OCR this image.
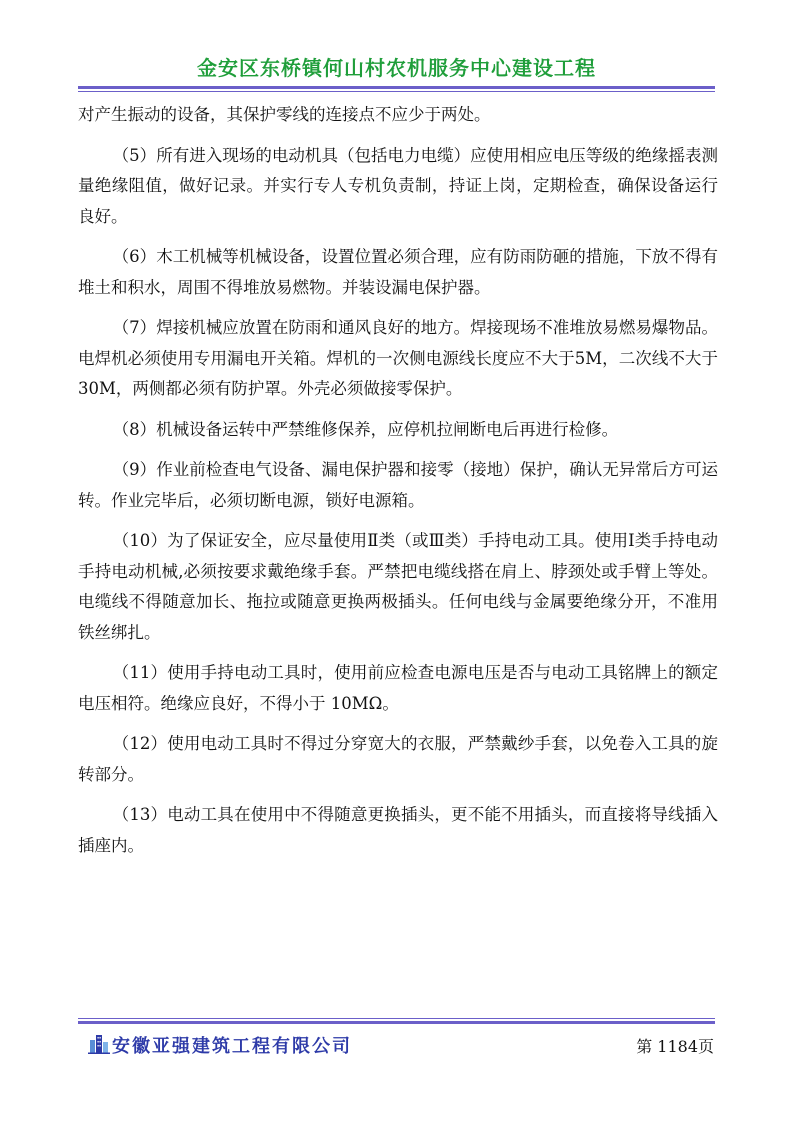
金安区东桥镇何山村农机服务中心建设工程

对产生振动的设备，其保护零线的连接点不应少于两处。

（5）所有进入现场的电动机具（包括电力电缆）应使用相应电压等级的绝缘摇表测量绝缘阻值，做好记录。并实行专人专机负责制，持证上岗，定期检查，确保设备运行良好。

（6）木工机械等机械设备，设置位置必须合理，应有防雨防砸的措施，下放不得有堆土和积水，周围不得堆放易燃物。并装设漏电保护器。

（7）焊接机械应放置在防雨和通风良好的地方。焊接现场不准堆放易燃易爆物品。电焊机必须使用专用漏电开关箱。焊机的一次侧电源线长度应不大于5M，二次线不大于 30M，两侧都必须有防护罩。外壳必须做接零保护。

（8）机械设备运转中严禁维修保养，应停机拉闸断电后再进行检修。

（9）作业前检查电气设备、漏电保护器和接零（接地）保护，确认无异常后方可运转。作业完毕后，必须切断电源，锁好电源箱。

（10）为了保证安全，应尽量使用Ⅱ类（或Ⅲ类）手持电动工具。使用Ⅰ类手持电动手持电动机械,必须按要求戴绝缘手套。严禁把电缆线搭在肩上、脖颈处或手臂上等处。电缆线不得随意加长、拖拉或随意更换两极插头。任何电线与金属要绝缘分开，不准用铁丝绑扎。

（11）使用手持电动工具时，使用前应检查电源电压是否与电动工具铭牌上的额定电压相符。绝缘应良好，不得小于 10MΩ。

（12）使用电动工具时不得过分穿宽大的衣服，严禁戴纱手套，以免卷入工具的旋转部分。

（13）电动工具在使用中不得随意更换插头，更不能不用插头，而直接将导线插入插座内。

安徽亚强建筑工程有限公司	第 1184页
